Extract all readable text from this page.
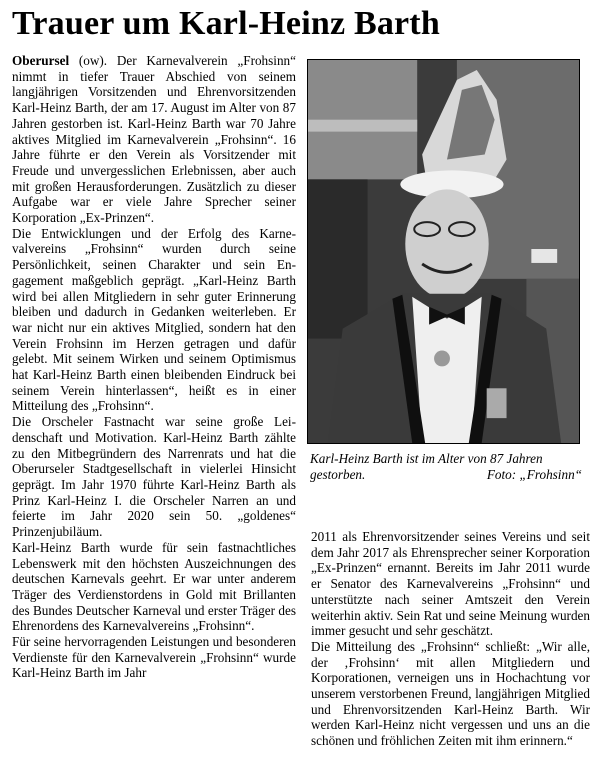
Trauer um Karl-Heinz Barth

Oberursel (ow). Der Karnevalverein „Frohsinn“ nimmt in tiefer Trauer Abschied von seinem langjährigen Vorsitzenden und Ehrenvorsitzenden Karl-Heinz Barth, der am 17. August im Alter von 87 Jahren gestorben ist. Karl-Heinz Barth war 70 Jahre aktives Mitglied im Karnevalverein „Frohsinn“. 16 Jahre führte er den Verein als Vorsitzender mit Freude und unvergesslichen Erlebnissen, aber auch mit großen Herausforderungen. Zusätzlich zu dieser Aufgabe war er viele Jahre Sprecher seiner Korporation „Ex-Prinzen“.

Die Entwicklungen und der Erfolg des Karnevalvereins „Frohsinn“ wurden durch seine Persönlichkeit, seinen Charakter und sein Engagement maßgeblich geprägt. „Karl-Heinz Barth wird bei allen Mitgliedern in sehr guter Erinnerung bleiben und dadurch in Gedanken weiterleben. Er war nicht nur ein aktives Mitglied, sondern hat den Verein Frohsinn im Herzen getragen und dafür gelebt. Mit seinem Wirken und seinem Optimismus hat Karl-Heinz Barth einen bleibenden Eindruck bei seinem Verein hinterlassen“, heißt es in einer Mitteilung des „Frohsinn“.

Die Orscheler Fastnacht war seine große Leidenschaft und Motivation. Karl-Heinz Barth zählte zu den Mitbegründern des Narrenrats und hat die Oberurseler Stadtgesellschaft in vielerlei Hinsicht geprägt. Im Jahr 1970 führte Karl-Heinz Barth als Prinz Karl-Heinz I. die Orscheler Narren an und feierte im Jahr 2020 sein 50. „goldenes“ Prinzenjubiläum.

Karl-Heinz Barth wurde für sein fastnachtliches Lebenswerk mit den höchsten Auszeichnungen des deutschen Karnevals geehrt. Er war unter anderem Träger des Verdienstordens in Gold mit Brillanten des Bundes Deutscher Karneval und erster Träger des Ehrenordens des Karnevalvereins „Frohsinn“.

Für seine hervorragenden Leistungen und besonderen Verdienste für den Karnevalverein „Frohsinn“ wurde Karl-Heinz Barth im Jahr

Karl-Heinz Barth ist im Alter von 87 Jahren gestorben.	Foto: „Frohsinn“

2011 als Ehrenvorsitzender seines Vereins und seit dem Jahr 2017 als Ehrensprecher seiner Korporation „Ex-Prinzen“ ernannt. Bereits im Jahr 2011 wurde er Senator des Karnevalvereins „Frohsinn“ und unterstützte nach seiner Amtszeit den Verein weiterhin aktiv. Sein Rat und seine Meinung wurden immer gesucht und sehr geschätzt.

Die Mitteilung des „Frohsinn“ schließt: „Wir alle, der ‚Frohsinn‘ mit allen Mitgliedern und Korporationen, verneigen uns in Hochachtung vor unserem verstorbenen Freund, langjährigen Mitglied und Ehrenvorsitzenden Karl-Heinz Barth. Wir werden Karl-Heinz nicht vergessen und uns an die schönen und fröhlichen Zeiten mit ihm erinnern.“
